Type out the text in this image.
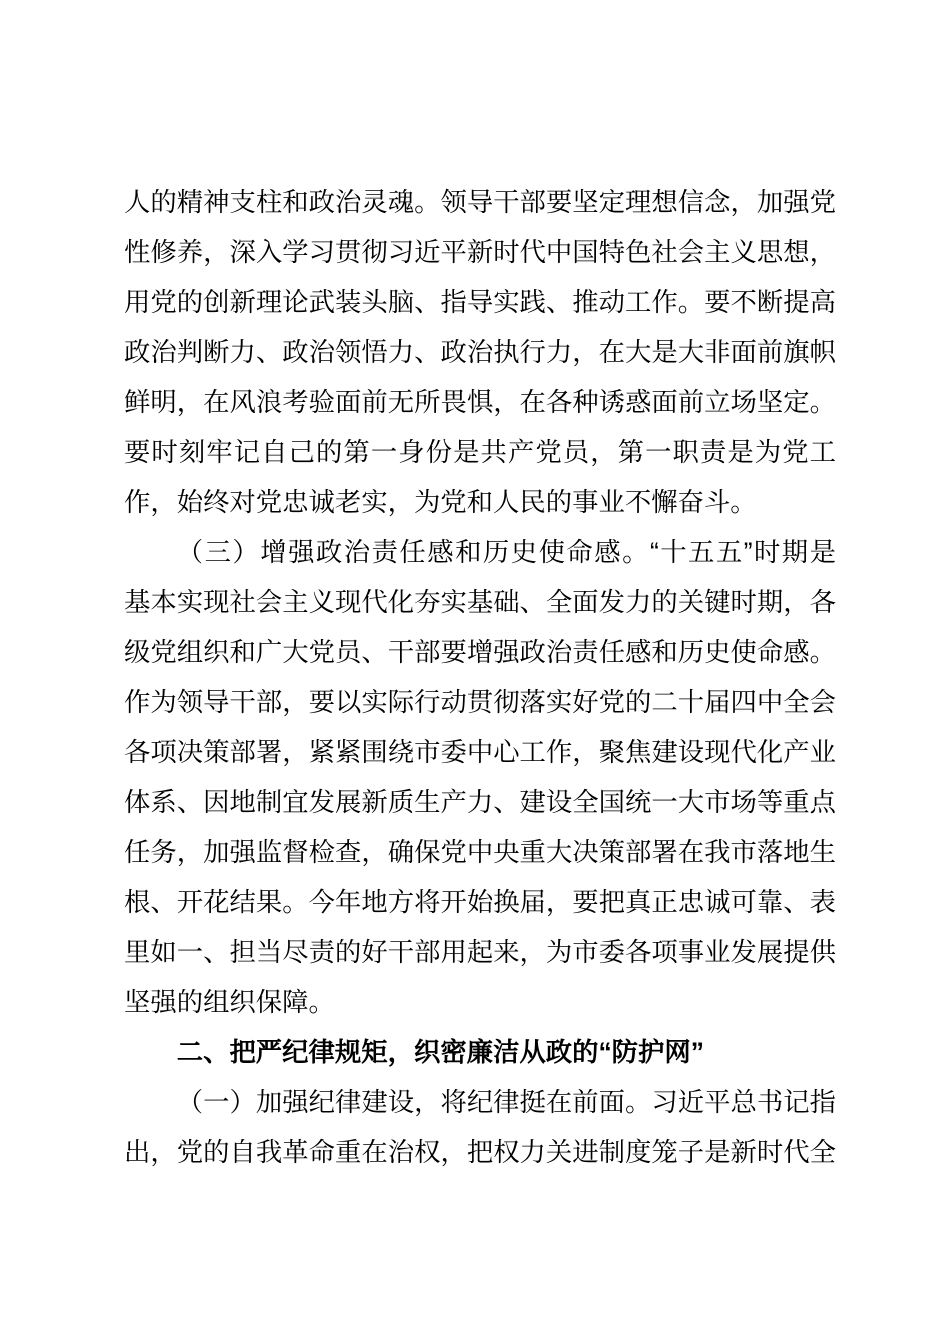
人的精神支柱和政治灵魂。领导干部要坚定理想信念，加强党
性修养，深入学习贯彻习近平新时代中国特色社会主义思想，
用党的创新理论武装头脑、指导实践、推动工作。要不断提高
政治判断力、政治领悟力、政治执行力，在大是大非面前旗帜
鲜明，在风浪考验面前无所畏惧，在各种诱惑面前立场坚定。
要时刻牢记自己的第一身份是共产党员，第一职责是为党工
作，始终对党忠诚老实，为党和人民的事业不懈奋斗。
（三）增强政治责任感和历史使命感。“十五五”时期是
基本实现社会主义现代化夯实基础、全面发力的关键时期，各
级党组织和广大党员、干部要增强政治责任感和历史使命感。
作为领导干部，要以实际行动贯彻落实好党的二十届四中全会
各项决策部署，紧紧围绕市委中心工作，聚焦建设现代化产业
体系、因地制宜发展新质生产力、建设全国统一大市场等重点
任务，加强监督检查，确保党中央重大决策部署在我市落地生
根、开花结果。今年地方将开始换届，要把真正忠诚可靠、表
里如一、担当尽责的好干部用起来，为市委各项事业发展提供
坚强的组织保障。
二、把严纪律规矩，织密廉洁从政的“防护网”
（一）加强纪律建设，将纪律挺在前面。习近平总书记指
出，党的自我革命重在治权，把权力关进制度笼子是新时代全
